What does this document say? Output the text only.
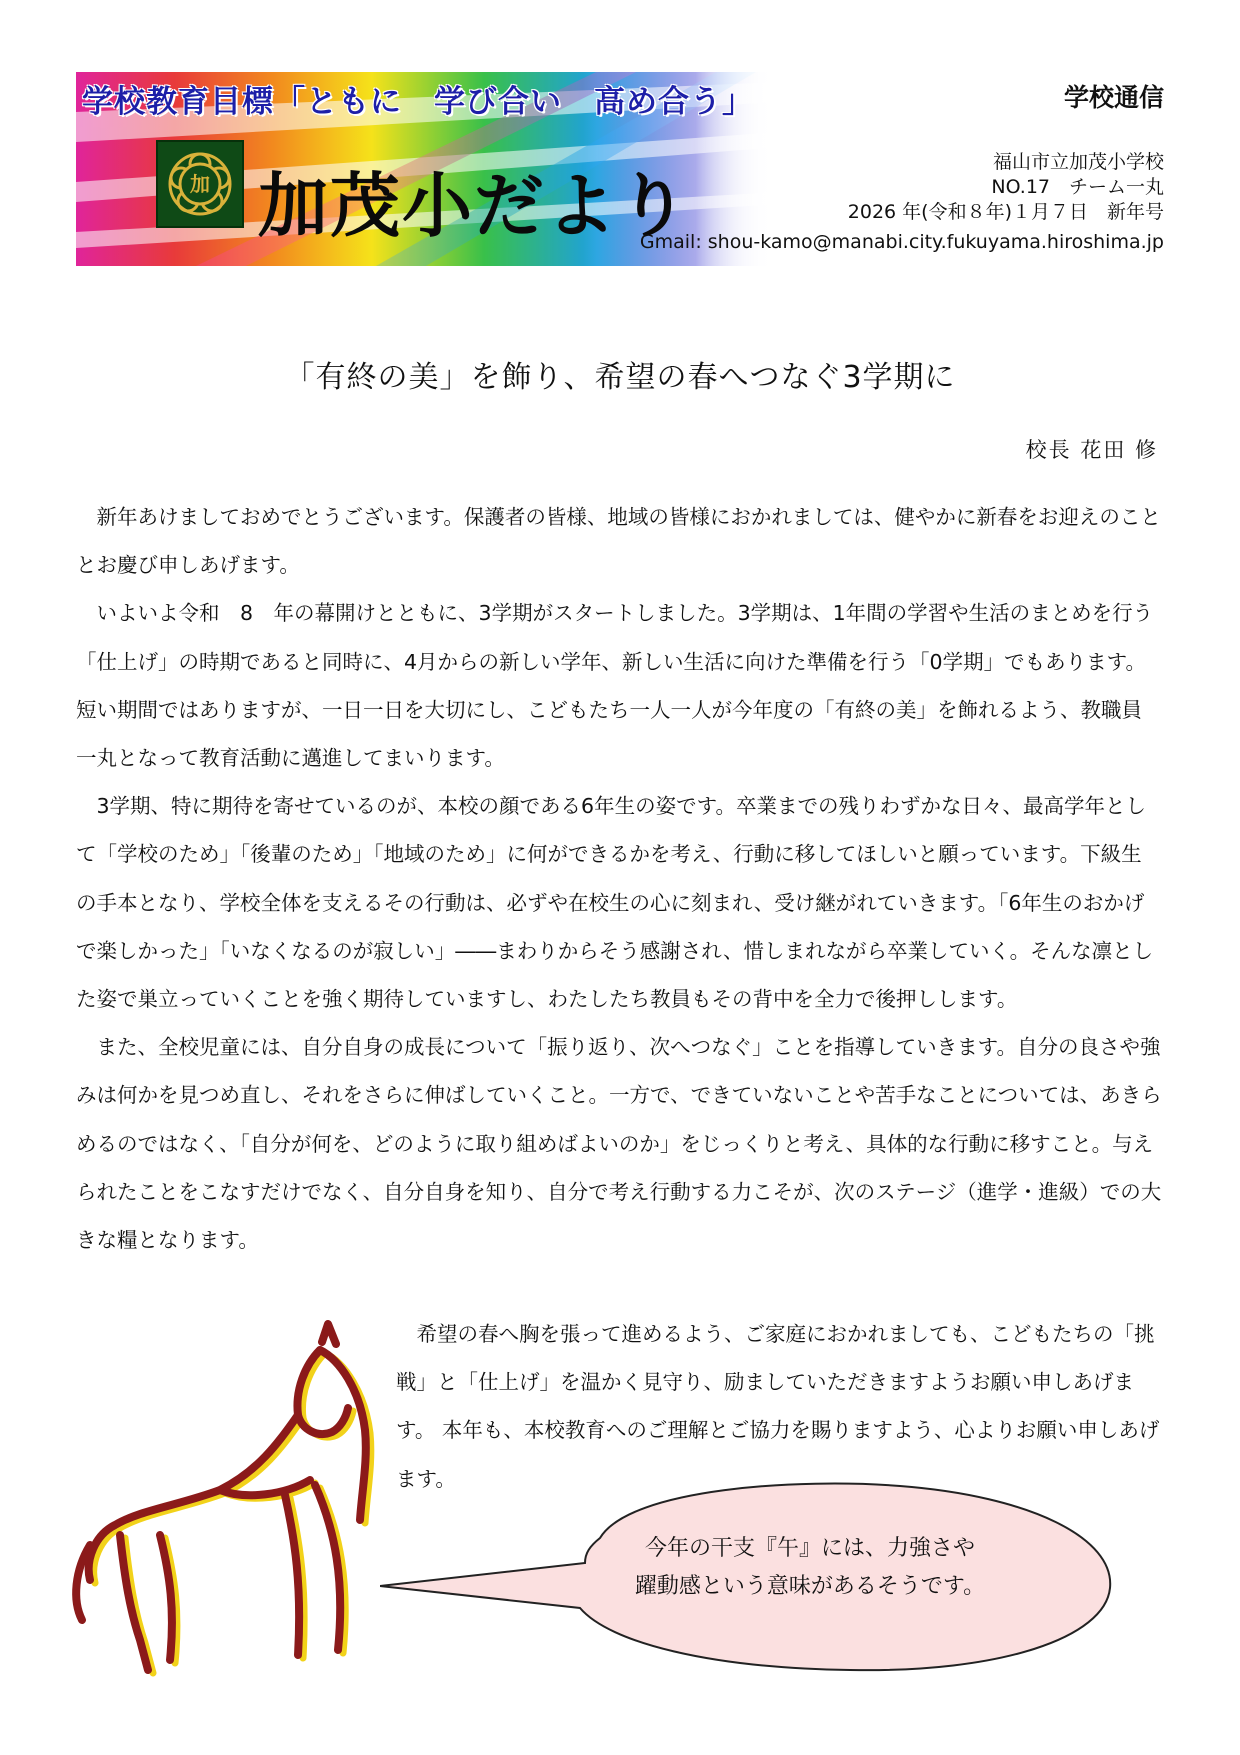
学校教育目標「ともに　学び合い　高め合う」
加 加茂小だより
学校通信
福山市立加茂小学校
NO.17　チーム一丸
2026 年(令和８年)１月７日　新年号
Gmail: shou-kamo@manabi.city.fukuyama.hiroshima.jp
「有終の美」を飾り、希望の春へつなぐ3学期に
校長 花田 修

新年あけましておめでとうございます。保護者の皆様、地域の皆様におかれましては、健やかに新春をお迎えのこととお慶び申しあげます。

いよいよ令和　8　年の幕開けとともに、3学期がスタートしました。3学期は、1年間の学習や生活のまとめを行う「仕上げ」の時期であると同時に、4月からの新しい学年、新しい生活に向けた準備を行う「0学期」でもあります。短い期間ではありますが、一日一日を大切にし、こどもたち一人一人が今年度の「有終の美」を飾れるよう、教職員一丸となって教育活動に邁進してまいります。

3学期、特に期待を寄せているのが、本校の顔である6年生の姿です。卒業までの残りわずかな日々、最高学年として「学校のため」「後輩のため」「地域のため」に何ができるかを考え、行動に移してほしいと願っています。下級生の手本となり、学校全体を支えるその行動は、必ずや在校生の心に刻まれ、受け継がれていきます。「6年生のおかげで楽しかった」「いなくなるのが寂しい」――まわりからそう感謝され、惜しまれながら卒業していく。そんな凛とした姿で巣立っていくことを強く期待していますし、わたしたち教員もその背中を全力で後押しします。

また、全校児童には、自分自身の成長について「振り返り、次へつなぐ」ことを指導していきます。自分の良さや強みは何かを見つめ直し、それをさらに伸ばしていくこと。一方で、できていないことや苦手なことについては、あきらめるのではなく、「自分が何を、どのように取り組めばよいのか」をじっくりと考え、具体的な行動に移すこと。与えられたことをこなすだけでなく、自分自身を知り、自分で考え行動する力こそが、次のステージ（進学・進級）での大きな糧となります。

希望の春へ胸を張って進めるよう、ご家庭におかれましても、こどもたちの「挑戦」と「仕上げ」を温かく見守り、励ましていただきますようお願い申しあげます。 本年も、本校教育へのご理解とご協力を賜りますよう、心よりお願い申しあげます。

今年の干支『午』には、力強さや
躍動感という意味があるそうです。
